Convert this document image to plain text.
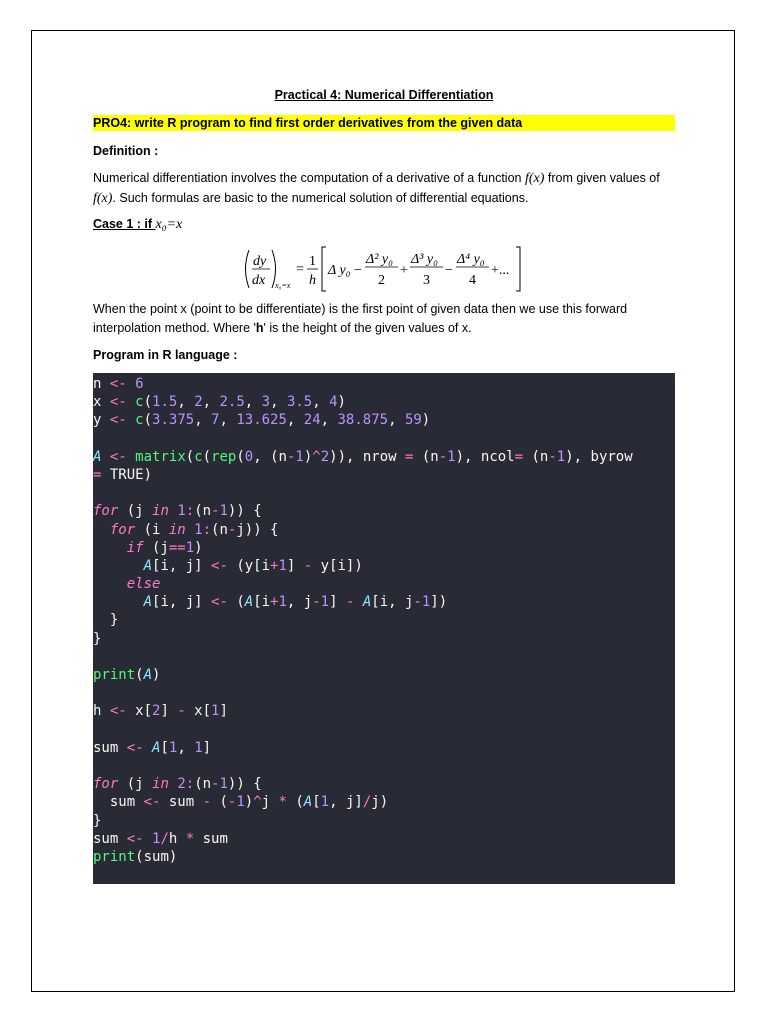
Practical 4: Numerical Differentiation
PRO4: write R program to find first order derivatives from the given data
Definition :
Numerical differentiation involves the computation of a derivative of a function f(x) from given values of f(x). Such formulas are basic to the numerical solution of differential equations.
Case 1 : if x₀=x
dy
dx x₀=x
=
1
h
Δ y₀ −
Δ² y₀
2
+
Δ³ y₀
3
−
Δ⁴ y₀
4
+...
When the point x (point to be differentiate) is the first point of given data then we use this forward interpolation method. Where 'h' is the height of the given values of x.
Program in R language :
n <- 6
x <- c(1.5, 2, 2.5, 3, 3.5, 4)
y <- c(3.375, 7, 13.625, 24, 38.875, 59)

A <- matrix(c(rep(0, (n-1)^2)), nrow = (n-1), ncol= (n-1), byrow
= TRUE)

for (j in 1:(n-1)) {
for (i in 1:(n-j)) {
if (j==1)
A[i, j] <- (y[i+1] - y[i])
else
A[i, j] <- (A[i+1, j-1] - A[i, j-1])
}
}

print(A)

h <- x[2] - x[1]

sum <- A[1, 1]

for (j in 2:(n-1)) {
sum <- sum - (-1)^j * (A[1, j]/j)
}
sum <- 1/h * sum
print(sum)
